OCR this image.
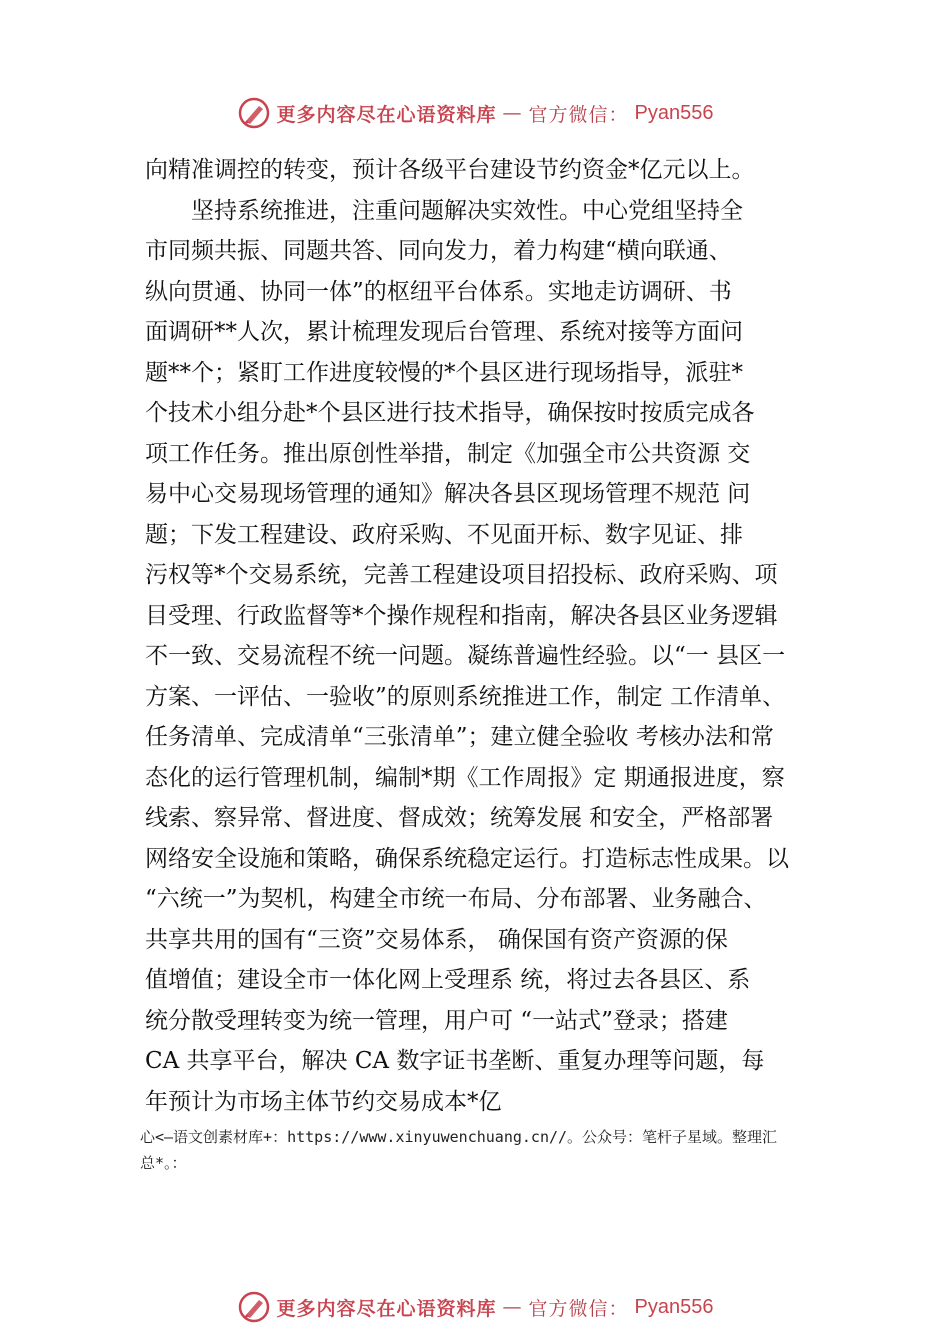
更多内容尽在心语资料库 — 官方微信： Pyan556

向精准调控的转变，预计各级平台建设节约资金*亿元以上。

坚持系统推进，注重问题解决实效性。中心党组坚持全

市同频共振、同题共答、同向发力，着力构建“横向联通、

纵向贯通、协同一体”的枢纽平台体系。实地走访调研、书

面调研**人次，累计梳理发现后台管理、系统对接等方面问

题**个；紧盯工作进度较慢的*个县区进行现场指导，派驻*

个技术小组分赴*个县区进行技术指导，确保按时按质完成各

项工作任务。推出原创性举措，制定《加强全市公共资源 交

易中心交易现场管理的通知》解决各县区现场管理不规范 问

题；下发工程建设、政府采购、不见面开标、数字见证、排

污权等*个交易系统，完善工程建设项目招投标、政府采购、项

目受理、行政监督等*个操作规程和指南，解决各县区业务逻辑

不一致、交易流程不统一问题。凝练普遍性经验。以“一 县区一

方案、一评估、一验收”的原则系统推进工作，制定 工作清单、

任务清单、完成清单“三张清单”；建立健全验收 考核办法和常

态化的运行管理机制，编制*期《工作周报》定 期通报进度，察

线索、察异常、督进度、督成效；统筹发展 和安全，严格部署

网络安全设施和策略，确保系统稳定运行。打造标志性成果。以

“六统一”为契机，构建全市统一布局、分布部署、业务融合、

共享共用的国有“三资”交易体系， 确保国有资产资源的保

值增值；建设全市一体化网上受理系 统，将过去各县区、系

统分散受理转变为统一管理，用户可 “一站式”登录；搭建

CA 共享平台，解决 CA 数字证书垄断、重复办理等问题，每

年预计为市场主体节约交易成本*亿

心<—语文创素材库+：https://www.xinyuwenchuang.cn//。公众号：笔杆子星域。整理汇
总*。：
更多内容尽在心语资料库 — 官方微信： Pyan556
